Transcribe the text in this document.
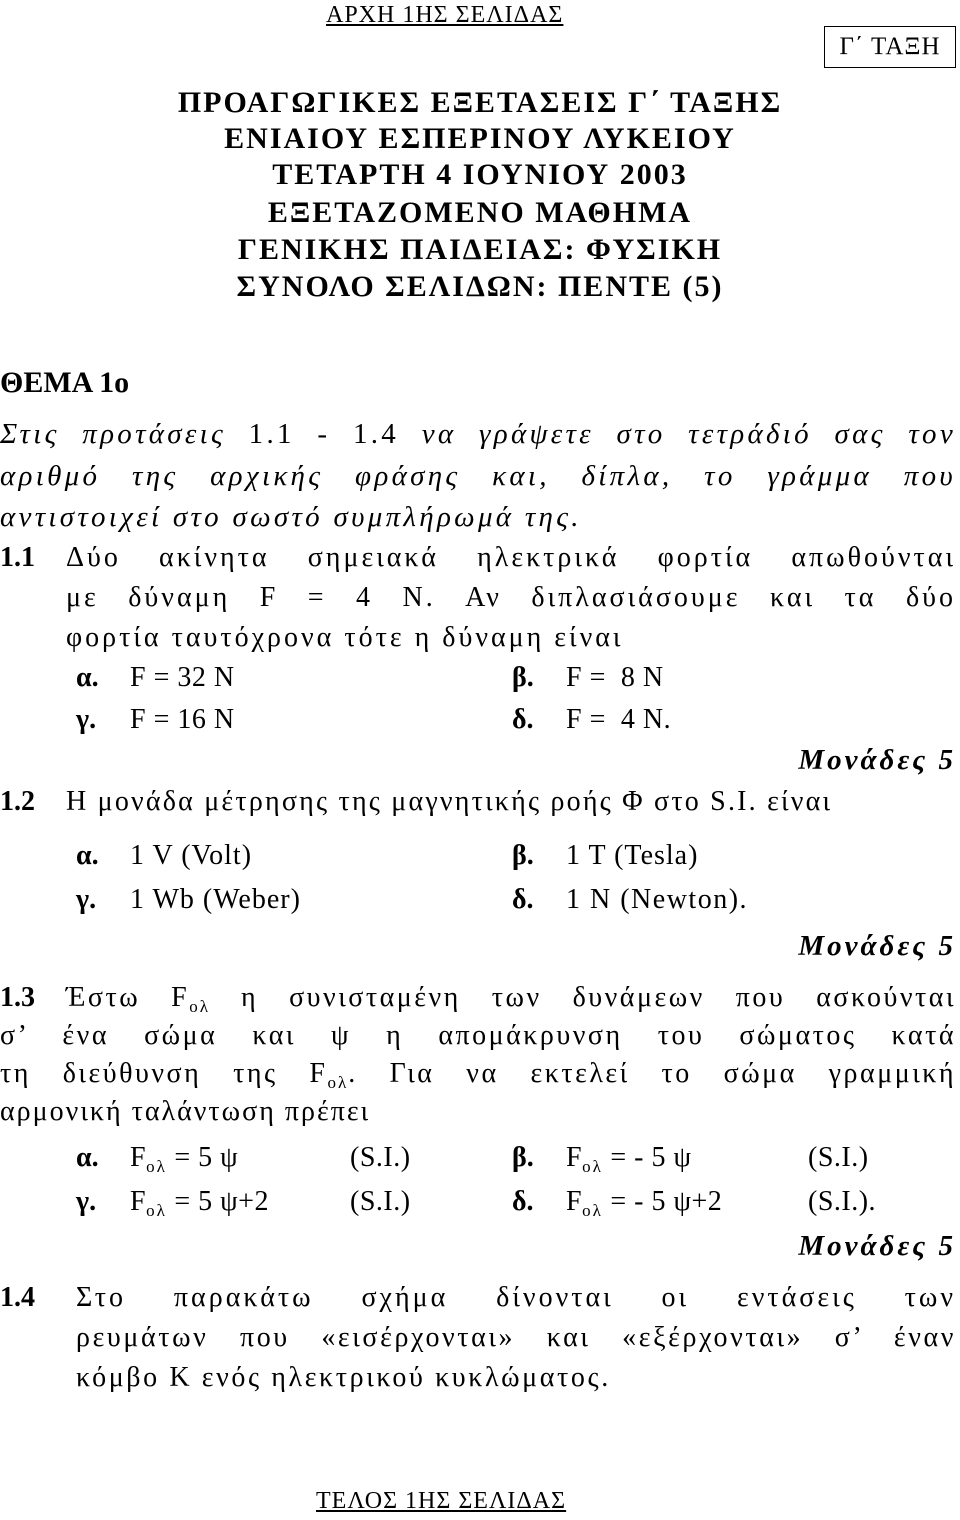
ΑΡΧΗ 1ΗΣ ΣΕΛΙΔΑΣ
Γ΄ ΤΑΞΗ
ΠΡΟΑΓΩΓΙΚΕΣ ΕΞΕΤΑΣΕΙΣ Γ΄ ΤΑΞΗΣ
ΕΝΙΑΙΟΥ ΕΣΠΕΡΙΝΟΥ ΛΥΚΕΙΟΥ
ΤΕΤΑΡΤΗ 4 ΙΟΥΝΙΟΥ 2003
ΕΞΕΤΑΖΟΜΕΝΟ ΜΑΘΗΜΑ
ΓΕΝΙΚΗΣ ΠΑΙΔΕΙΑΣ: ΦΥΣΙΚΗ
ΣΥΝΟΛΟ ΣΕΛΙΔΩΝ: ΠΕΝΤΕ (5)
ΘΕΜΑ 1ο
Στις προτάσεις 1.1 - 1.4 να γράψετε στο τετράδιό σας τον
αριθμό της αρχικής φράσης και, δίπλα, το γράμμα που
αντιστοιχεί στο σωστό συμπλήρωμά της.
1.1 Δύο ακίνητα σημειακά ηλεκτρικά φορτία απωθούνται
με δύναμη F = 4 N. Αν διπλασιάσουμε και τα δύο
φορτία ταυτόχρονα τότε η δύναμη είναι
α. F = 32 N	β. F =  8 N
γ. F = 16 N	δ. F =  4 N.
Μονάδες 5
1.2 Η μονάδα μέτρησης της μαγνητικής ροής Φ στο S.I. είναι
α. 1 V (Volt)	β. 1 T (Tesla)
γ. 1 Wb (Weber)	δ. 1 N (Newton).
Μονάδες 5
1.3 Έστω $F_{o\lambda}$ η συνισταμένη των δυνάμεων που ασκούνται
σ’ ένα σώμα και ψ η απομάκρυνση του σώματος κατά
τη διεύθυνση της $F_{o\lambda}$. Για να εκτελεί το σώμα γραμμική
αρμονική ταλάντωση πρέπει
α. $F_{o\lambda} = 5$ ψ	(S.I.)	β. $F_{o\lambda}$ = - 5 ψ	(S.I.)
γ. $F_{o\lambda} = 5$ ψ+2	(S.I.)	δ. $F_{o\lambda}$ = - 5 ψ+2	(S.I.).
Μονάδες 5
1.4 Στο παρακάτω σχήμα δίνονται οι εντάσεις των
ρευμάτων που «εισέρχονται» και «εξέρχονται» σ’ έναν
κόμβο Κ ενός ηλεκτρικού κυκλώματος.
ΤΕΛΟΣ 1ΗΣ ΣΕΛΙΔΑΣ
